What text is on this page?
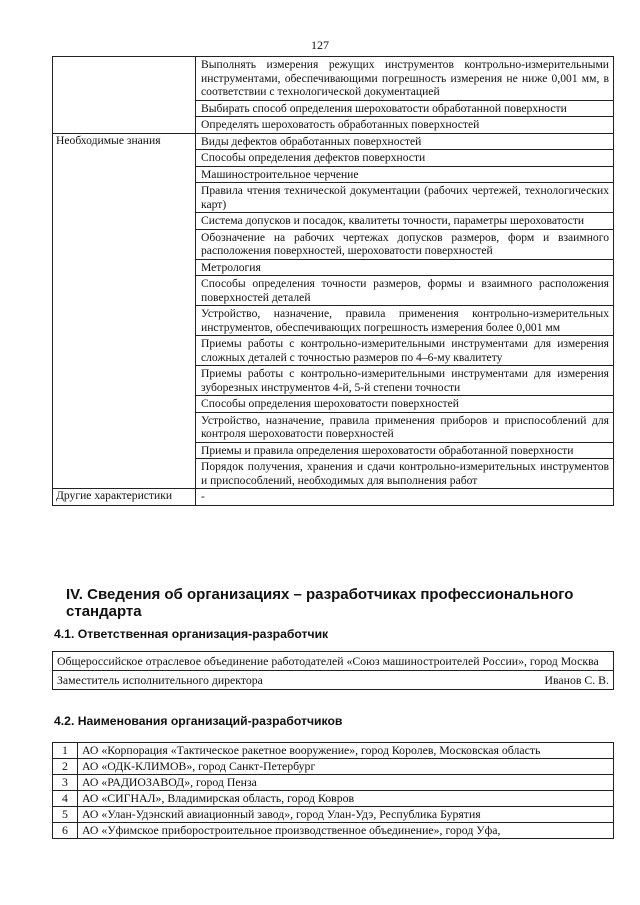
127
	Выполнять измерения режущих инструментов контрольно-измерительными инструментами, обеспечивающими погрешность измерения не ниже 0,001 мм, в соответствии с технологической документацией
	Выбирать способ определения шероховатости обработанной поверхности
	Определять шероховатость обработанных поверхностей
Необходимые знания	Виды дефектов обработанных поверхностей
	Способы определения дефектов поверхности
	Машиностроительное черчение
	Правила чтения технической документации (рабочих чертежей, технологических карт)
	Система допусков и посадок, квалитеты точности, параметры шероховатости
	Обозначение на рабочих чертежах допусков размеров, форм и взаимного расположения поверхностей, шероховатости поверхностей
	Метрология
	Способы определения точности размеров, формы и взаимного расположения поверхностей деталей
	Устройство, назначение, правила применения контрольно-измерительных инструментов, обеспечивающих погрешность измерения более 0,001 мм
	Приемы работы с контрольно-измерительными инструментами для измерения сложных деталей с точностью размеров по 4–6-му квалитету
	Приемы работы с контрольно-измерительными инструментами для измерения зуборезных инструментов 4-й, 5-й степени точности
	Способы определения шероховатости поверхностей
	Устройство, назначение, правила применения приборов и приспособлений для контроля шероховатости поверхностей
	Приемы и правила определения шероховатости обработанной поверхности
	Порядок получения, хранения и сдачи контрольно-измерительных инструментов и приспособлений, необходимых для выполнения работ
Другие характеристики	-
IV. Сведения об организациях – разработчиках профессионального стандарта
4.1. Ответственная организация-разработчик
Общероссийское отраслевое объединение работодателей «Союз машиностроителей России», город Москва

Заместитель исполнительного директора	Иванов С. В.
4.2. Наименования организаций-разработчиков
1	АО «Корпорация «Тактическое ракетное вооружение», город Королев, Московская область
2	АО «ОДК-КЛИМОВ», город Санкт-Петербург
3	АО «РАДИОЗАВОД», город Пенза
4	АО «СИГНАЛ», Владимирская область, город Ковров
5	АО «Улан-Удэнский авиационный завод», город Улан-Удэ, Республика Бурятия
6	АО «Уфимское приборостроительное производственное объединение», город Уфа,
